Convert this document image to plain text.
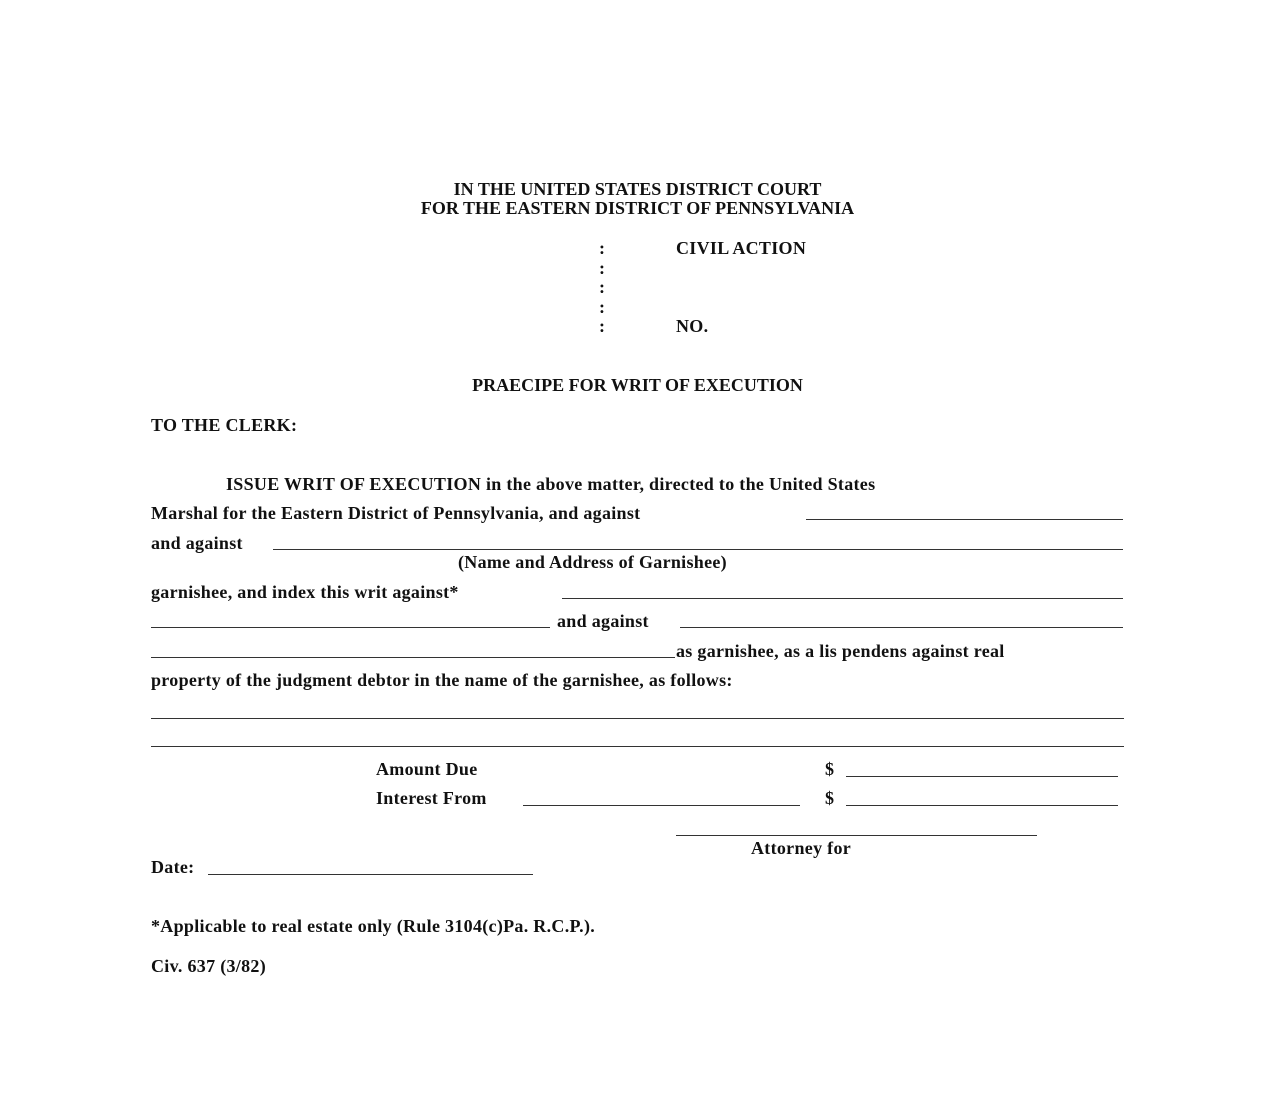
IN THE UNITED STATES DISTRICT COURT
FOR THE EASTERN DISTRICT OF PENNSYLVANIA
:
:
:
:
:
CIVIL ACTION
NO.
PRAECIPE FOR WRIT OF EXECUTION
TO THE CLERK:
ISSUE WRIT OF EXECUTION in the above matter, directed to the United States
Marshal for the Eastern District of Pennsylvania, and against
and against
(Name and Address of Garnishee)
garnishee, and index this writ against*
and against
as garnishee, as a lis pendens against real
property of the judgment debtor in the name of the garnishee, as follows:
Amount Due	$
Interest From	$
Attorney for
Date:
*Applicable to real estate only (Rule 3104(c)Pa. R.C.P.).
Civ. 637 (3/82)
